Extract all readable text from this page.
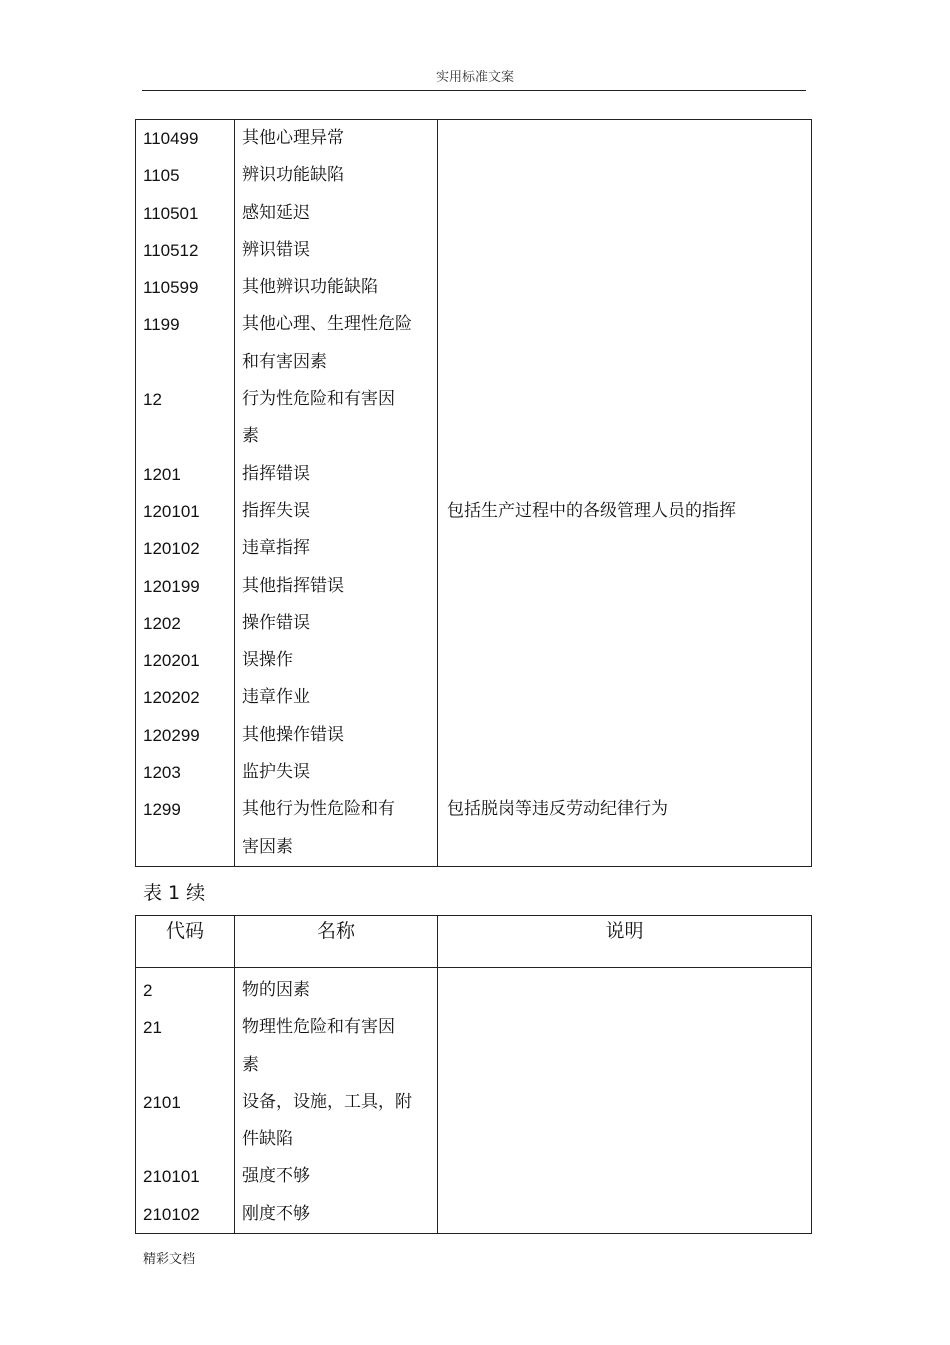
实用标准文案
110499	其他心理异常	
1105	辨识功能缺陷	
110501	感知延迟	
110512	辨识错误	
110599	其他辨识功能缺陷	
1199	其他心理、生理性危险	
	和有害因素	
12	行为性危险和有害因	
	素	
1201	指挥错误	
120101	指挥失误	包括生产过程中的各级管理人员的指挥
120102	违章指挥	
120199	其他指挥错误	
1202	操作错误	
120201	误操作	
120202	违章作业	
120299	其他操作错误	
1203	监护失误	
1299	其他行为性危险和有	包括脱岗等违反劳动纪律行为
	害因素	

表 1 续
代码	名称	说明

2	物的因素	
21	物理性危险和有害因	
	素	
2101	设备，设施，工具，附	
	件缺陷	
210101	强度不够	
210102	刚度不够	
精彩文档
